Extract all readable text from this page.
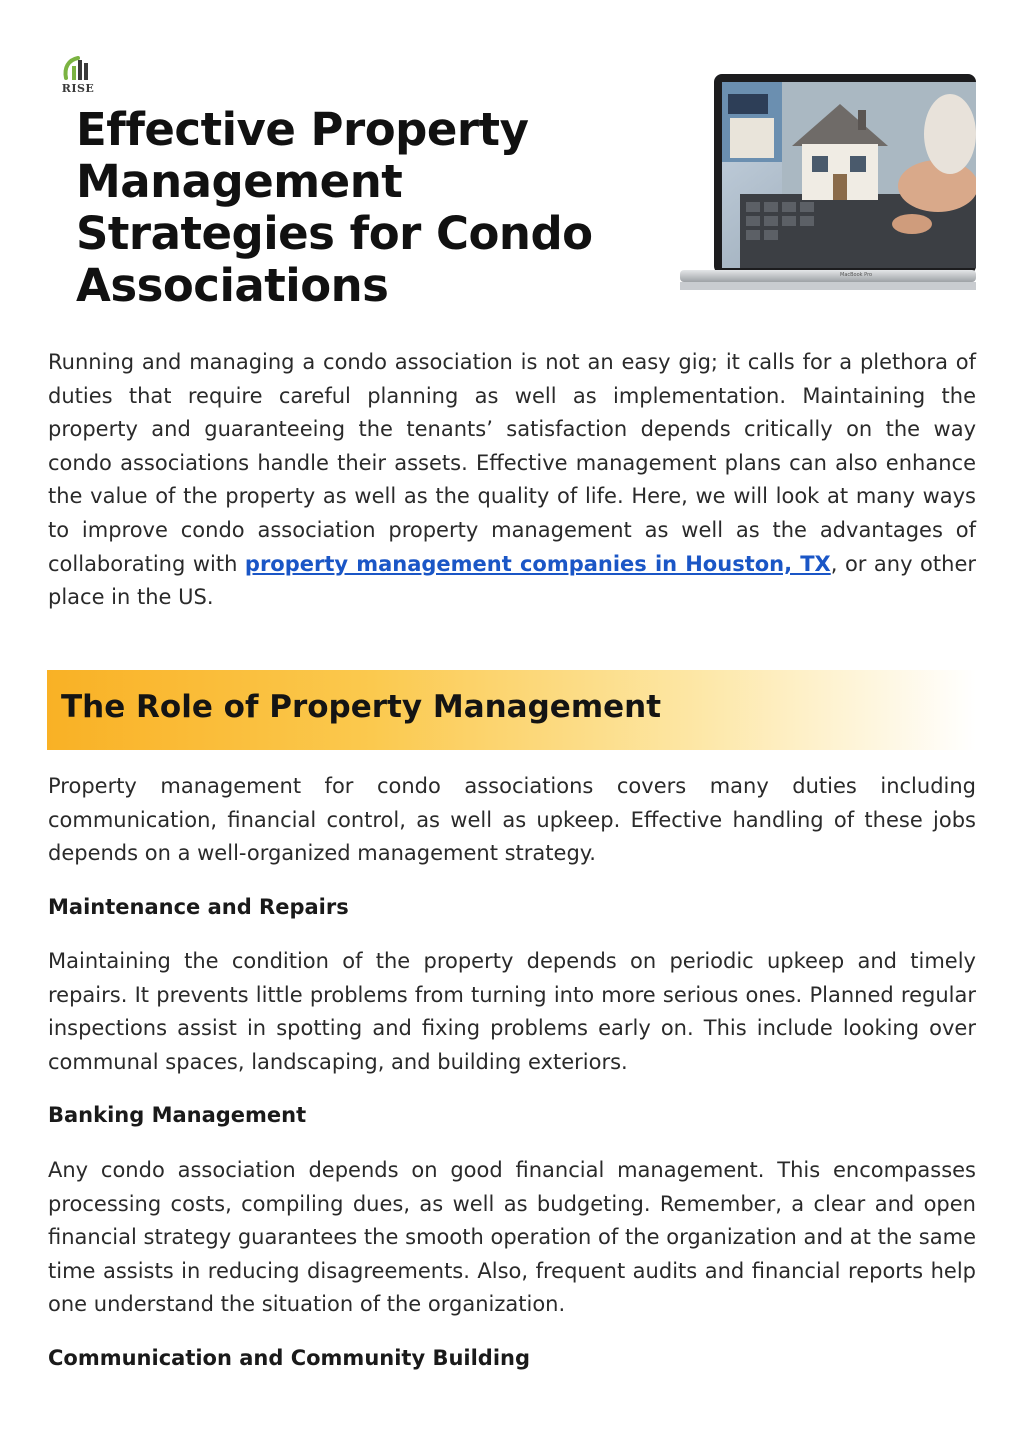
RISE
Effective Property Management Strategies for Condo Associations	MacBook Pro

Running and managing a condo association is not an easy gig; it calls for a plethora of duties that require careful planning as well as implementation. Maintaining the property and guaranteeing the tenants’ satisfaction depends critically on the way condo associations handle their assets. Effective management plans can also enhance the value of the property as well as the quality of life. Here, we will look at many ways to improve condo association property management as well as the advantages of collaborating with property management companies in Houston, TX, or any other place in the US.

The Role of Property Management

Property management for condo associations covers many duties including communication, financial control, as well as upkeep. Effective handling of these jobs depends on a well-organized management strategy.

Maintenance and Repairs

Maintaining the condition of the property depends on periodic upkeep and timely repairs. It prevents little problems from turning into more serious ones. Planned regular inspections assist in spotting and fixing problems early on. This include looking over communal spaces, landscaping, and building exteriors.

Banking Management

Any condo association depends on good financial management. This encompasses processing costs, compiling dues, as well as budgeting. Remember, a clear and open financial strategy guarantees the smooth operation of the organization and at the same time assists in reducing disagreements. Also, frequent audits and financial reports help one understand the situation of the organization.

Communication and Community Building
